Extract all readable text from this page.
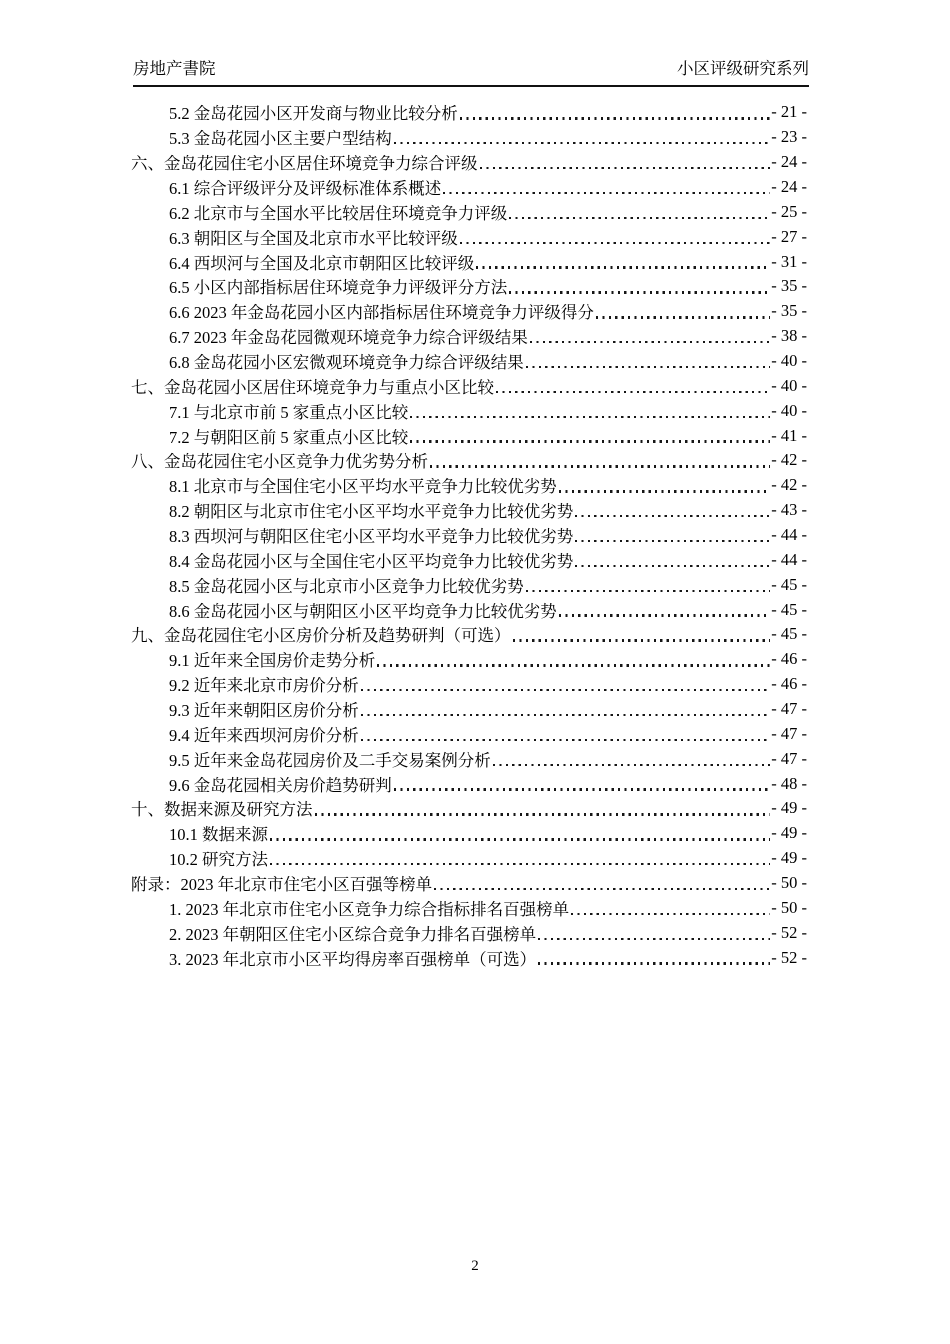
房地产書院	小区评级研究系列
5.2 金岛花园小区开发商与物业比较分析	- 21 -
5.3 金岛花园小区主要户型结构	- 23 -
六、金岛花园住宅小区居住环境竞争力综合评级	- 24 -
6.1 综合评级评分及评级标准体系概述	- 24 -
6.2 北京市与全国水平比较居住环境竞争力评级	- 25 -
6.3 朝阳区与全国及北京市水平比较评级	- 27 -
6.4 西坝河与全国及北京市朝阳区比较评级	- 31 -
6.5 小区内部指标居住环境竞争力评级评分方法	- 35 -
6.6 2023 年金岛花园小区内部指标居住环境竞争力评级得分	- 35 -
6.7 2023 年金岛花园微观环境竞争力综合评级结果	- 38 -
6.8 金岛花园小区宏微观环境竞争力综合评级结果	- 40 -
七、金岛花园小区居住环境竞争力与重点小区比较	- 40 -
7.1 与北京市前 5 家重点小区比较	- 40 -
7.2 与朝阳区前 5 家重点小区比较	- 41 -
八、金岛花园住宅小区竞争力优劣势分析	- 42 -
8.1 北京市与全国住宅小区平均水平竞争力比较优劣势	- 42 -
8.2 朝阳区与北京市住宅小区平均水平竞争力比较优劣势	- 43 -
8.3 西坝河与朝阳区住宅小区平均水平竞争力比较优劣势	- 44 -
8.4 金岛花园小区与全国住宅小区平均竞争力比较优劣势	- 44 -
8.5 金岛花园小区与北京市小区竞争力比较优劣势	- 45 -
8.6 金岛花园小区与朝阳区小区平均竞争力比较优劣势	- 45 -
九、金岛花园住宅小区房价分析及趋势研判（可选）	- 45 -
9.1 近年来全国房价走势分析	- 46 -
9.2 近年来北京市房价分析	- 46 -
9.3 近年来朝阳区房价分析	- 47 -
9.4 近年来西坝河房价分析	- 47 -
9.5 近年来金岛花园房价及二手交易案例分析	- 47 -
9.6 金岛花园相关房价趋势研判	- 48 -
十、数据来源及研究方法	- 49 -
10.1 数据来源	- 49 -
10.2 研究方法	- 49 -
附录：2023 年北京市住宅小区百强等榜单	- 50 -
1. 2023 年北京市住宅小区竞争力综合指标排名百强榜单	- 50 -
2. 2023 年朝阳区住宅小区综合竞争力排名百强榜单	- 52 -
3. 2023 年北京市小区平均得房率百强榜单（可选）	- 52 -
2
